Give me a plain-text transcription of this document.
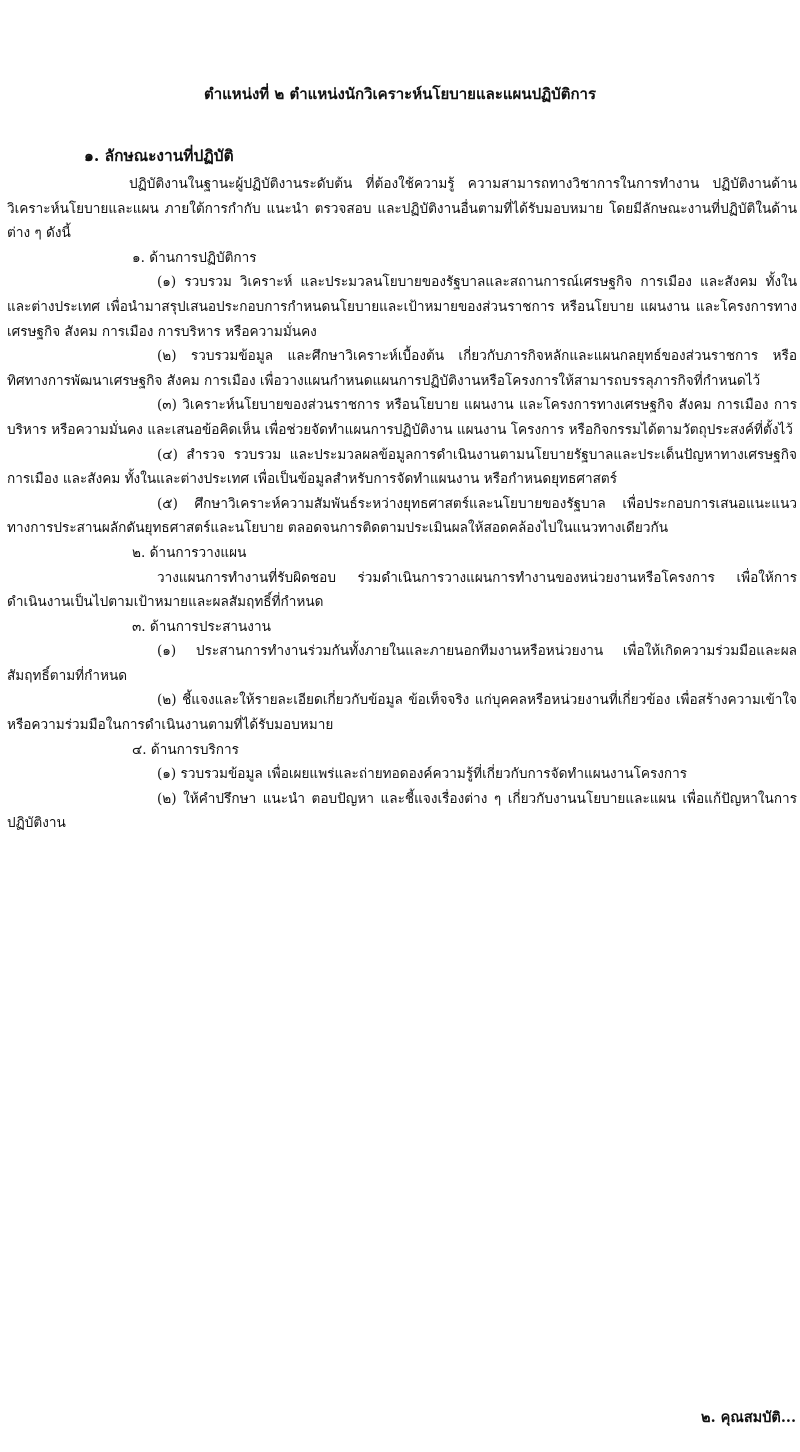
ตำแหน่งที่ ๒ ตำแหน่งนักวิเคราะห์นโยบายและแผนปฏิบัติการ
๑. ลักษณะงานที่ปฏิบัติ

ปฏิบัติงานในฐานะผู้ปฏิบัติงานระดับต้น ที่ต้องใช้ความรู้ ความสามารถทางวิชาการในการทำงาน ปฏิบัติงานด้านวิเคราะห์นโยบายและแผน ภายใต้การกำกับ แนะนำ ตรวจสอบ และปฏิบัติงานอื่นตามที่ได้รับมอบหมาย โดยมีลักษณะงานที่ปฏิบัติในด้านต่าง ๆ ดังนี้

๑. ด้านการปฏิบัติการ

(๑) รวบรวม วิเคราะห์ และประมวลนโยบายของรัฐบาลและสถานการณ์เศรษฐกิจ การเมือง และสังคม ทั้งในและต่างประเทศ เพื่อนำมาสรุปเสนอประกอบการกำหนดนโยบายและเป้าหมายของส่วนราชการ หรือนโยบาย แผนงาน และโครงการทางเศรษฐกิจ สังคม การเมือง การบริหาร หรือความมั่นคง

(๒) รวบรวมข้อมูล และศึกษาวิเคราะห์เบื้องต้น เกี่ยวกับภารกิจหลักและแผนกลยุทธ์ของส่วนราชการ หรือทิศทางการพัฒนาเศรษฐกิจ สังคม การเมือง เพื่อวางแผนกำหนดแผนการปฏิบัติงานหรือโครงการให้สามารถบรรลุภารกิจที่กำหนดไว้

(๓) วิเคราะห์นโยบายของส่วนราชการ หรือนโยบาย แผนงาน และโครงการทางเศรษฐกิจ สังคม การเมือง การบริหาร หรือความมั่นคง และเสนอข้อคิดเห็น เพื่อช่วยจัดทำแผนการปฏิบัติงาน แผนงาน โครงการ หรือกิจกรรมได้ตามวัตถุประสงค์ที่ตั้งไว้

(๔) สำรวจ รวบรวม และประมวลผลข้อมูลการดำเนินงานตามนโยบายรัฐบาลและประเด็นปัญหาทางเศรษฐกิจ การเมือง และสังคม ทั้งในและต่างประเทศ เพื่อเป็นข้อมูลสำหรับการจัดทำแผนงาน หรือกำหนดยุทธศาสตร์

(๕) ศึกษาวิเคราะห์ความสัมพันธ์ระหว่างยุทธศาสตร์และนโยบายของรัฐบาล เพื่อประกอบการเสนอแนะแนวทางการประสานผลักดันยุทธศาสตร์และนโยบาย ตลอดจนการติดตามประเมินผลให้สอดคล้องไปในแนวทางเดียวกัน

๒. ด้านการวางแผน

วางแผนการทำงานที่รับผิดชอบ ร่วมดำเนินการวางแผนการทำงานของหน่วยงานหรือโครงการ เพื่อให้การดำเนินงานเป็นไปตามเป้าหมายและผลสัมฤทธิ์ที่กำหนด

๓. ด้านการประสานงาน

(๑) ประสานการทำงานร่วมกันทั้งภายในและภายนอกทีมงานหรือหน่วยงาน เพื่อให้เกิดความร่วมมือและผลสัมฤทธิ์ตามที่กำหนด

(๒) ชี้แจงและให้รายละเอียดเกี่ยวกับข้อมูล ข้อเท็จจริง แก่บุคคลหรือหน่วยงานที่เกี่ยวข้อง เพื่อสร้างความเข้าใจหรือความร่วมมือในการดำเนินงานตามที่ได้รับมอบหมาย

๔. ด้านการบริการ

(๑) รวบรวมข้อมูล เพื่อเผยแพร่และถ่ายทอดองค์ความรู้ที่เกี่ยวกับการจัดทำแผนงานโครงการ

(๒) ให้คำปรึกษา แนะนำ ตอบปัญหา และชี้แจงเรื่องต่าง ๆ เกี่ยวกับงานนโยบายและแผน เพื่อแก้ปัญหาในการปฏิบัติงาน

๒. คุณสมบัติ...
